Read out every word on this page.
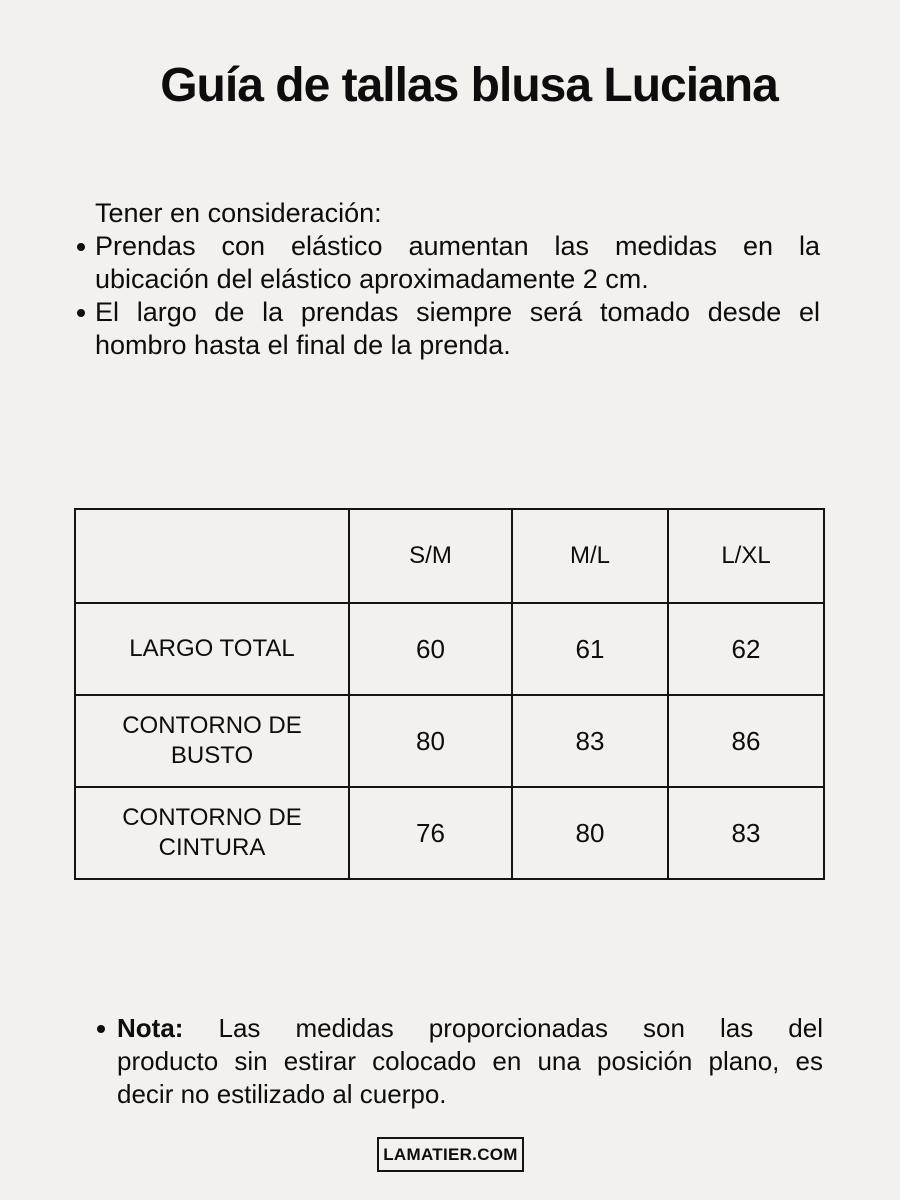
Guía de tallas blusa Luciana
Tener en consideración:
Prendas con elástico aumentan las medidas en la
ubicación del elástico aproximadamente 2 cm.
El largo de la prendas siempre será tomado desde el
hombro hasta el final de la prenda.
	S/M	M/L	L/XL
LARGO TOTAL	60	61	62
CONTORNO DE BUSTO	80	83	86
CONTORNO DE CINTURA	76	80	83
Nota: Las medidas proporcionadas son las del
producto sin estirar colocado en una posición plano, es
decir no estilizado al cuerpo.
LAMATIER.COM
